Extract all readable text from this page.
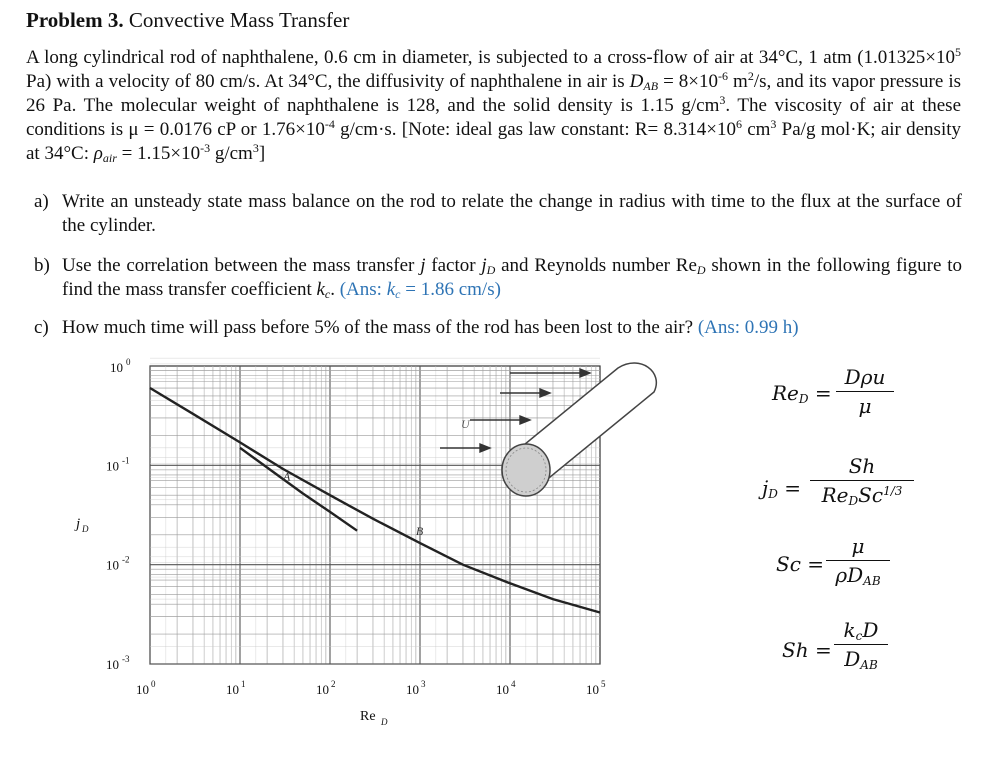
Problem 3. Convective Mass Transfer
A long cylindrical rod of naphthalene, 0.6 cm in diameter, is subjected to a cross-flow of air at 34°C, 1 atm ($1.01325\times 10^5$ Pa) with a velocity of 80 cm/s. At 34°C, the diffusivity of naphthalene in air is $D_{AB} = 8\times 10^{-6}$ $m^2/s$, and its vapor pressure is 26 Pa. The molecular weight of naphthalene is 128, and the solid density is 1.15 $g/cm^3$. The viscosity of air at these conditions is μ = 0.0176 cP or $1.76\times 10^{-4}$ g/cm·s. [Note: ideal gas law constant: $R= 8.314\times 10^6$ $cm^3$ Pa/g mol·K; air density at 34°C: $\rho_{air} = 1.15\times 10^{-3}$ $g/cm^3$]
a) Write an unsteady state mass balance on the rod to relate the change in radius with time to the flux at the surface of the cylinder.
b) Use the correlation between the mass transfer j factor $j_D$ and Reynolds number $Re_D$ shown in the following figure to find the mass transfer coefficient $k_c$. (Ans: $k_c = 1.86$ cm/s)
c) How much time will pass before 5% of the mass of the rod has been lost to the air? (Ans: 0.99 h)
A
B
U
10 0	10 1	10 2	10 3	10 4	10 5
10 -3
10 -2
10 -1
10 0
Re D
j D
$Re_D$ =
Dρu
μ
$j_D$ =
Sh
$Re_DSc^{1/3}$
Sc =
μ
$\rho D_{AB}$
Sh =
$k_cD$
$D_{AB}$
